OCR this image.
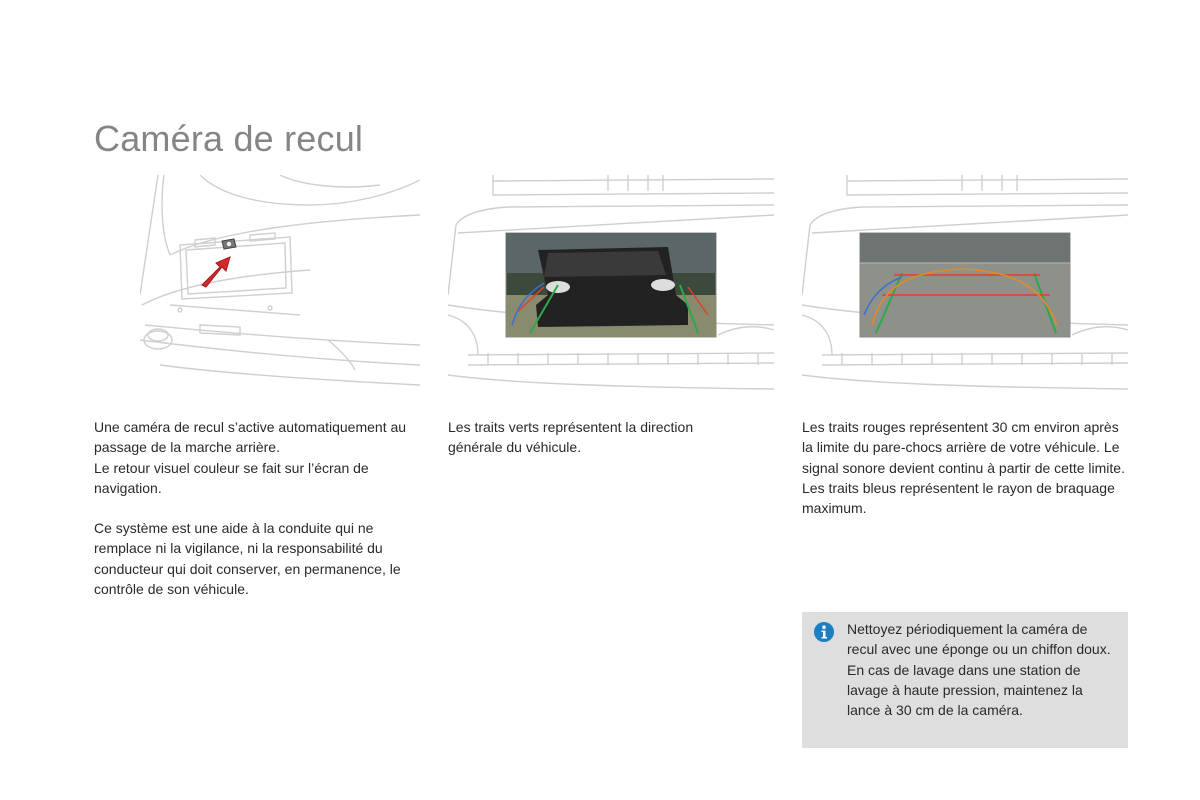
Caméra de recul

Une caméra de recul s’active automatiquement au passage de la marche arrière.

Le retour visuel couleur se fait sur l’écran de navigation.

Ce système est une aide à la conduite qui ne remplace ni la vigilance, ni la responsabilité du conducteur qui doit conserver, en permanence, le contrôle de son véhicule.

Les traits verts représentent la direction générale du véhicule.

Les traits rouges représentent 30 cm environ après la limite du pare-chocs arrière de votre véhicule. Le signal sonore devient continu à partir de cette limite.

Les traits bleus représentent le rayon de braquage maximum.

Nettoyez périodiquement la caméra de recul avec une éponge ou un chiffon doux.

En cas de lavage dans une station de lavage à haute pression, maintenez la lance à 30 cm de la caméra.
